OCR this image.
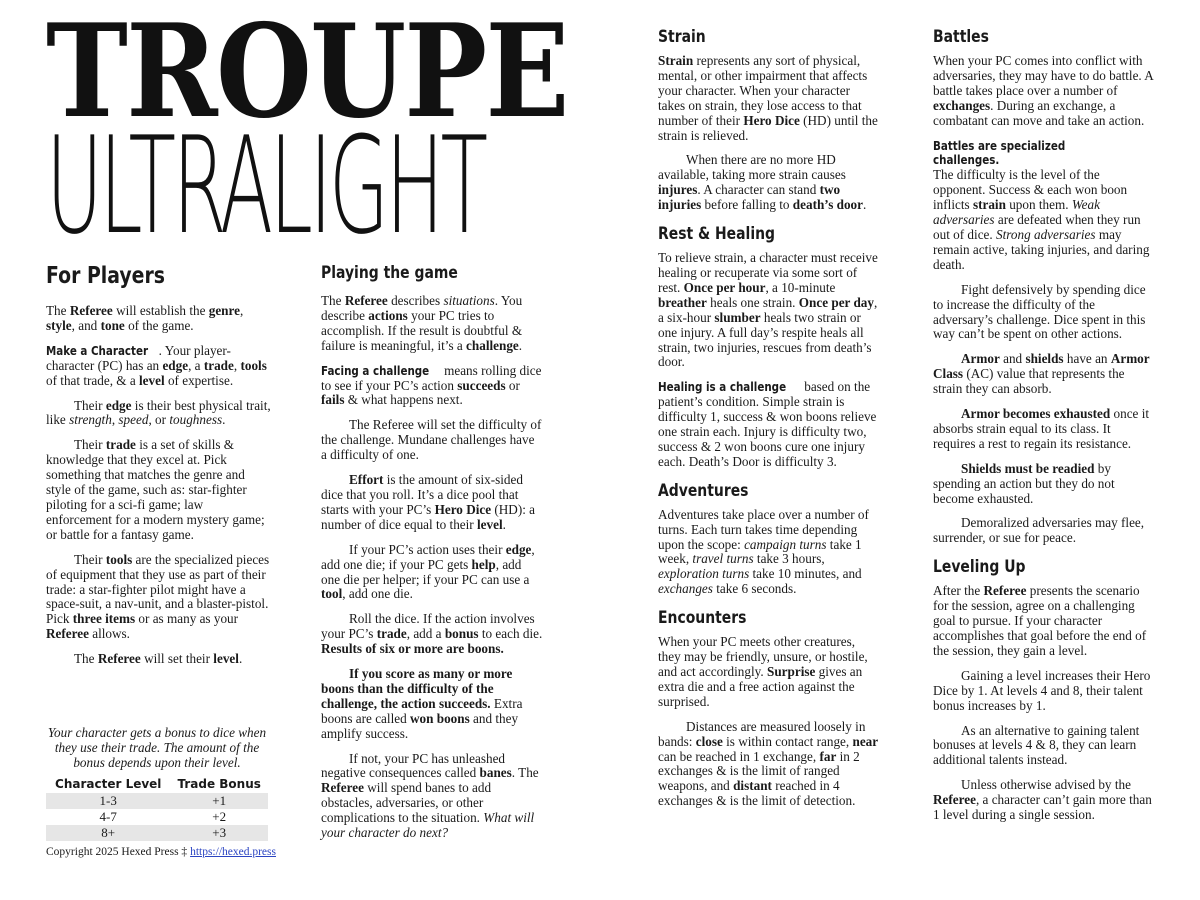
TROUPE
ULTRALIGHT
For Players

The Referee will establish the genre, style, and tone of the game.

Make a Character . Your player-character (PC) has an edge, a trade, tools of that trade, & a level of expertise.

Their edge is their best physical trait, like strength, speed, or toughness.

Their trade is a set of skills & knowledge that they excel at. Pick something that matches the genre and style of the game, such as: star-fighter piloting for a sci-fi game; law enforcement for a modern mystery game; or battle for a fantasy game.

Their tools are the specialized pieces of equipment that they use as part of their trade: a star-fighter pilot might have a space-suit, a nav-unit, and a blaster-pistol. Pick three items or as many as your Referee allows.

The Referee will set their level.

Your character gets a bonus to dice when they use their trade. The amount of the bonus depends upon their level.

Character Level	Trade Bonus
1-3	+1
4-7	+2
8+	+3
Copyright 2025 Hexed Press ‡ https://hexed.press
Playing the game

The Referee describes situations. You describe actions your PC tries to accomplish. If the result is doubtful & failure is meaningful, it’s a challenge.

Facing a challenge means rolling dice to see if your PC’s action succeeds or fails & what happens next.

The Referee will set the difficulty of the challenge. Mundane challenges have a difficulty of one.

Effort is the amount of six-sided dice that you roll. It’s a dice pool that starts with your PC’s Hero Dice (HD): a number of dice equal to their level.

If your PC’s action uses their edge, add one die; if your PC gets help, add one die per helper; if your PC can use a tool, add one die.

Roll the dice. If the action involves your PC’s trade, add a bonus to each die. Results of six or more are boons.

If you score as many or more boons than the difficulty of the challenge, the action succeeds. Extra boons are called won boons and they amplify success.

If not, your PC has unleashed negative consequences called banes. The Referee will spend banes to add obstacles, adversaries, or other complications to the situation. What will your character do next?

Strain

Strain represents any sort of physical, mental, or other impairment that affects your character. When your character takes on strain, they lose access to that number of their Hero Dice (HD) until the strain is relieved.

When there are no more HD available, taking more strain causes injures. A character can stand two injuries before falling to death’s door.

Rest & Healing

To relieve strain, a character must receive healing or recuperate via some sort of rest. Once per hour, a 10-minute breather heals one strain. Once per day, a six-hour slumber heals two strain or one injury. A full day’s respite heals all strain, two injuries, rescues from death’s door.

Healing is a challenge based on the patient’s condition. Simple strain is difficulty 1, success & won boons relieve one strain each. Injury is difficulty two, success & 2 won boons cure one injury each. Death’s Door is difficulty 3.

Adventures

Adventures take place over a number of turns. Each turn takes time depending upon the scope: campaign turns take 1 week, travel turns take 3 hours, exploration turns take 10 minutes, and exchanges take 6 seconds.

Encounters

When your PC meets other creatures, they may be friendly, unsure, or hostile, and act accordingly. Surprise gives an extra die and a free action against the surprised.

Distances are measured loosely in bands: close is within contact range, near can be reached in 1 exchange, far in 2 exchanges & is the limit of ranged weapons, and distant reached in 4 exchanges & is the limit of detection.

Battles

When your PC comes into conflict with adversaries, they may have to do battle. A battle takes place over a number of exchanges. During an exchange, a combatant can move and take an action.

Battles are specialized challenges. The difficulty is the level of the opponent. Success & each won boon inflicts strain upon them. Weak adversaries are defeated when they run out of dice. Strong adversaries may remain active, taking injuries, and daring death.

Fight defensively by spending dice to increase the difficulty of the adversary’s challenge. Dice spent in this way can’t be spent on other actions.

Armor and shields have an Armor Class (AC) value that represents the strain they can absorb.

Armor becomes exhausted once it absorbs strain equal to its class. It requires a rest to regain its resistance.

Shields must be readied by spending an action but they do not become exhausted.

Demoralized adversaries may flee, surrender, or sue for peace.

Leveling Up

After the Referee presents the scenario for the session, agree on a challenging goal to pursue. If your character accomplishes that goal before the end of the session, they gain a level.

Gaining a level increases their Hero Dice by 1. At levels 4 and 8, their talent bonus increases by 1.

As an alternative to gaining talent bonuses at levels 4 & 8, they can learn additional talents instead.

Unless otherwise advised by the Referee, a character can’t gain more than 1 level during a single session.
